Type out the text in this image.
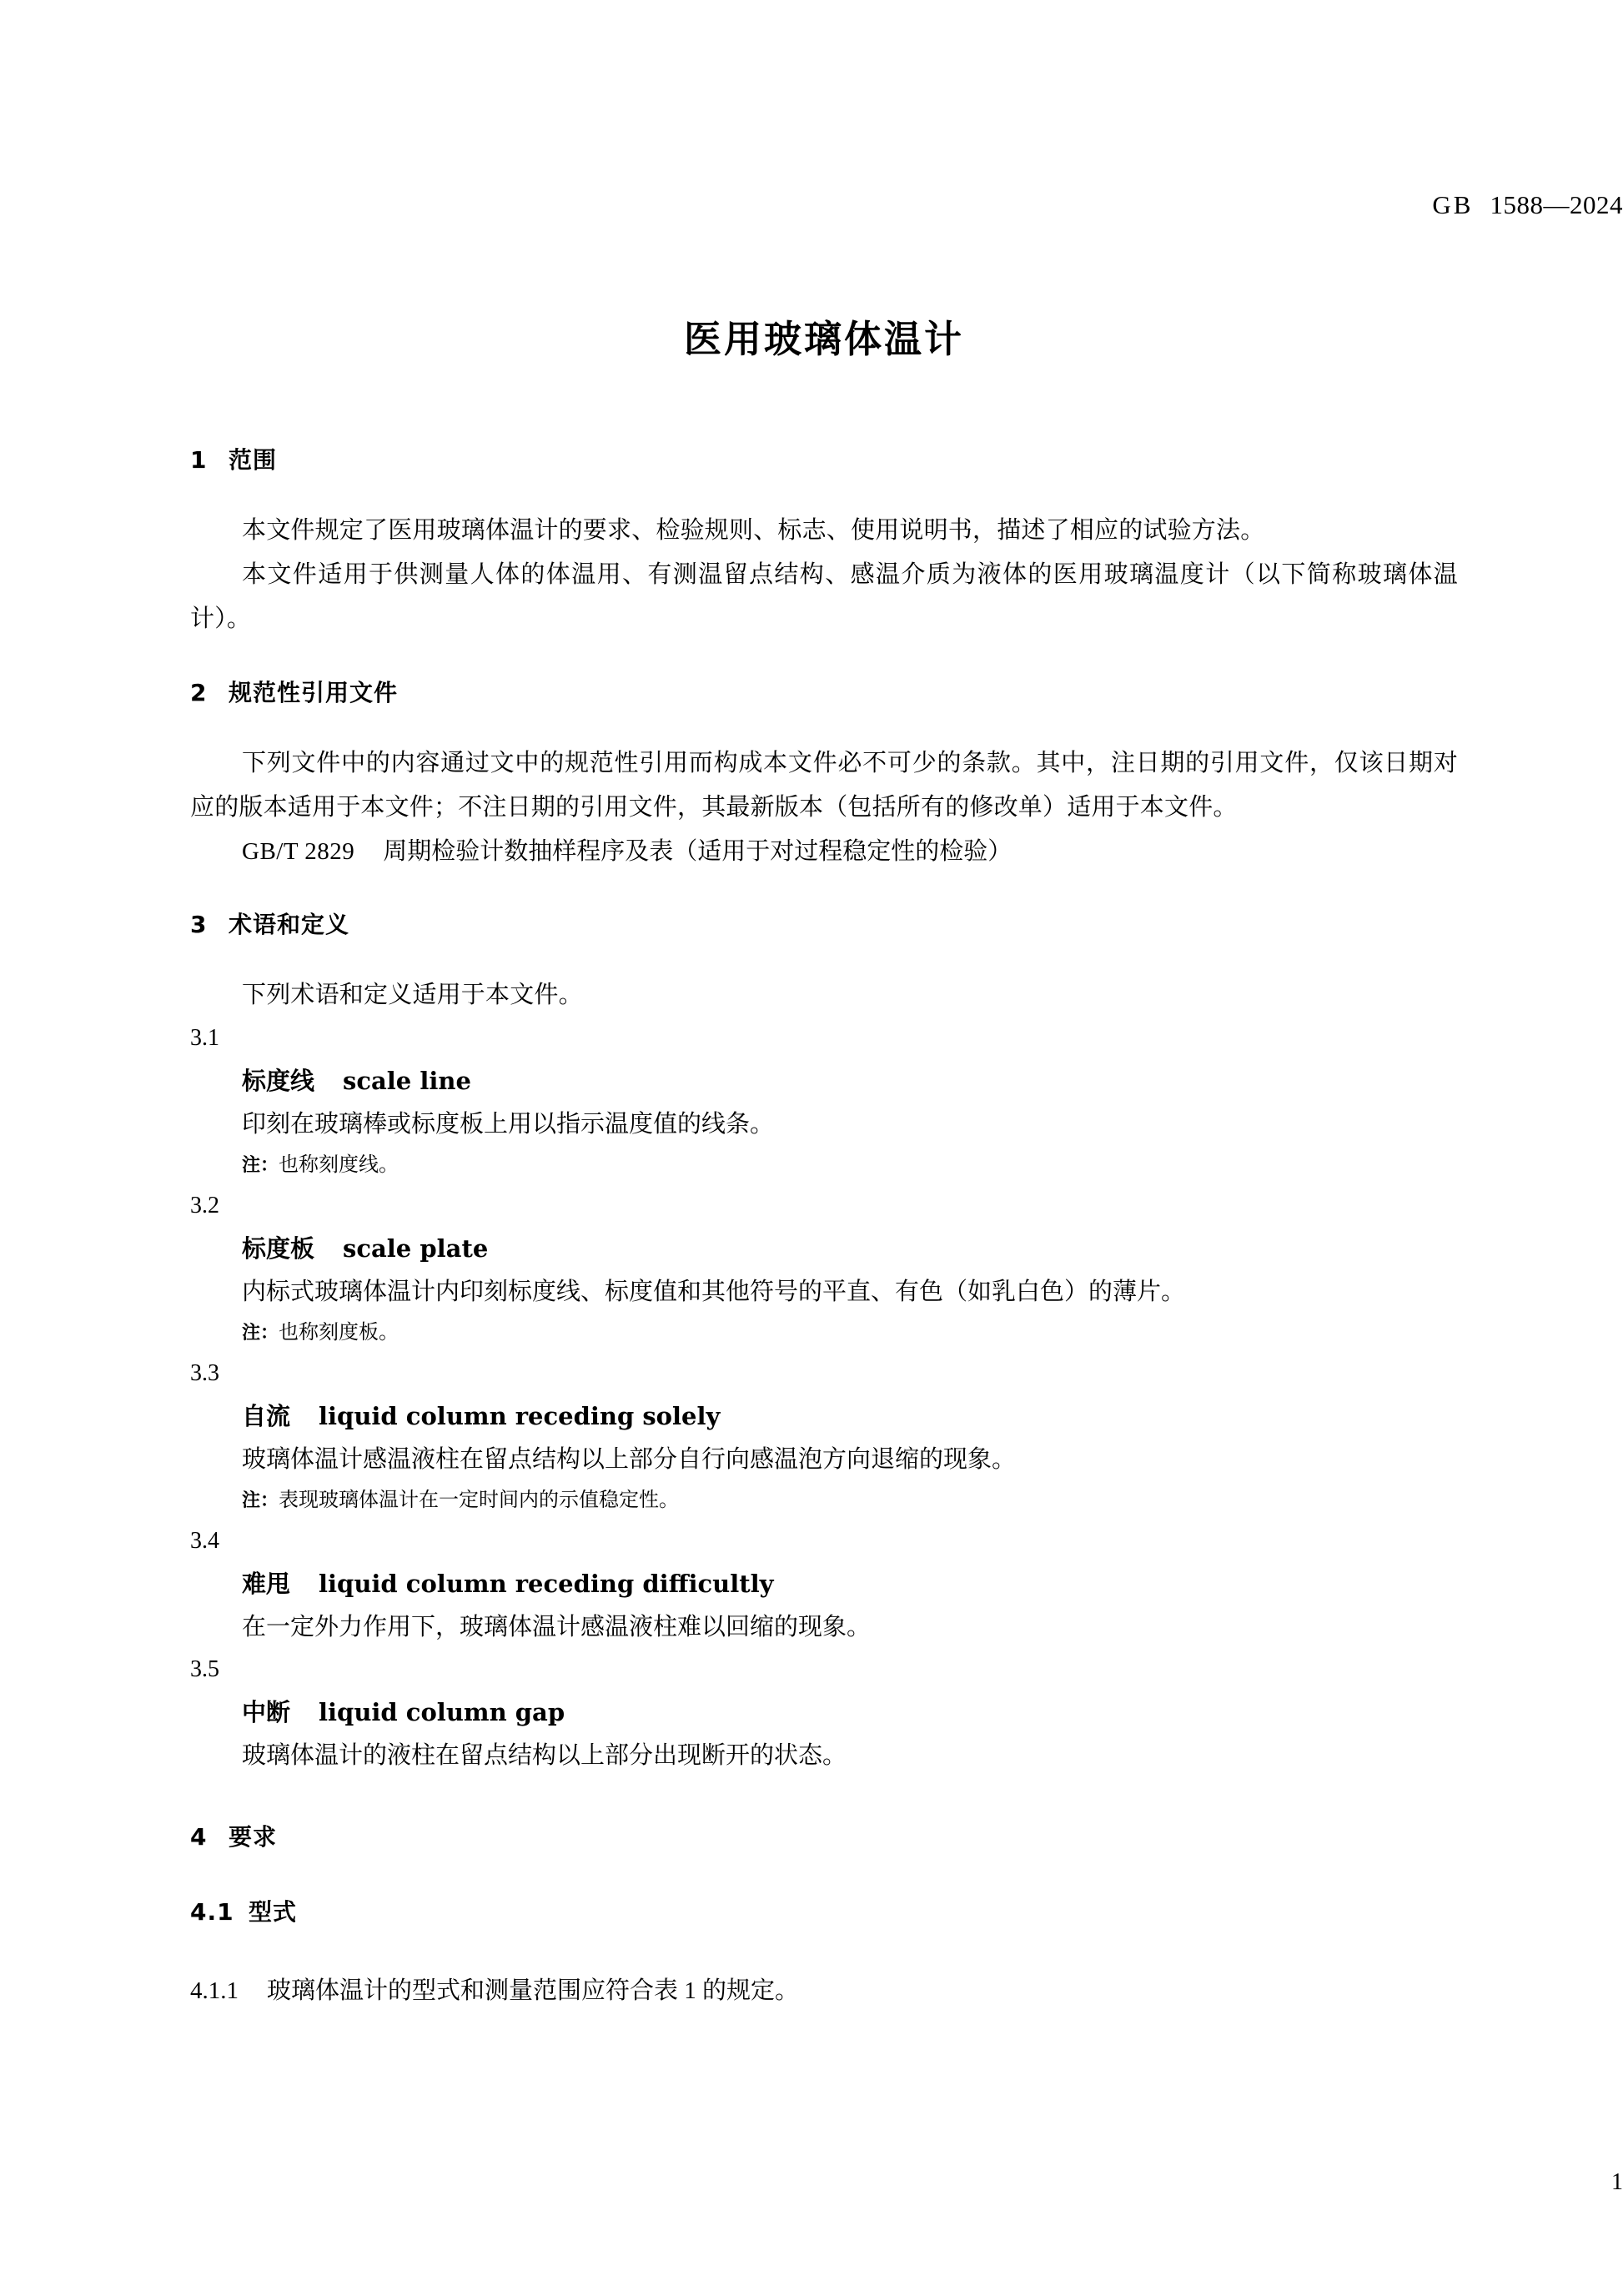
GB 1588—2024
医用玻璃体温计
1 范围
本文件规定了医用玻璃体温计的要求、检验规则、标志、使用说明书，描述了相应的试验方法。
本文件适用于供测量人体的体温用、有测温留点结构、感温介质为液体的医用玻璃温度计（以下简称玻璃体温计）。
2 规范性引用文件
下列文件中的内容通过文中的规范性引用而构成本文件必不可少的条款。其中，注日期的引用文件，仅该日期对应的版本适用于本文件；不注日期的引用文件，其最新版本（包括所有的修改单）适用于本文件。
GB/T 2829 周期检验计数抽样程序及表（适用于对过程稳定性的检验）
3 术语和定义
下列术语和定义适用于本文件。
3.1
标度线 scale line
印刻在玻璃棒或标度板上用以指示温度值的线条。
注：也称刻度线。
3.2
标度板 scale plate
内标式玻璃体温计内印刻标度线、标度值和其他符号的平直、有色（如乳白色）的薄片。
注：也称刻度板。
3.3
自流 liquid column receding solely
玻璃体温计感温液柱在留点结构以上部分自行向感温泡方向退缩的现象。
注：表现玻璃体温计在一定时间内的示值稳定性。
3.4
难甩 liquid column receding difficultly
在一定外力作用下，玻璃体温计感温液柱难以回缩的现象。
3.5
中断 liquid column gap
玻璃体温计的液柱在留点结构以上部分出现断开的状态。
4 要求
4.1 型式
4.1.1 玻璃体温计的型式和测量范围应符合表 1 的规定。
1
